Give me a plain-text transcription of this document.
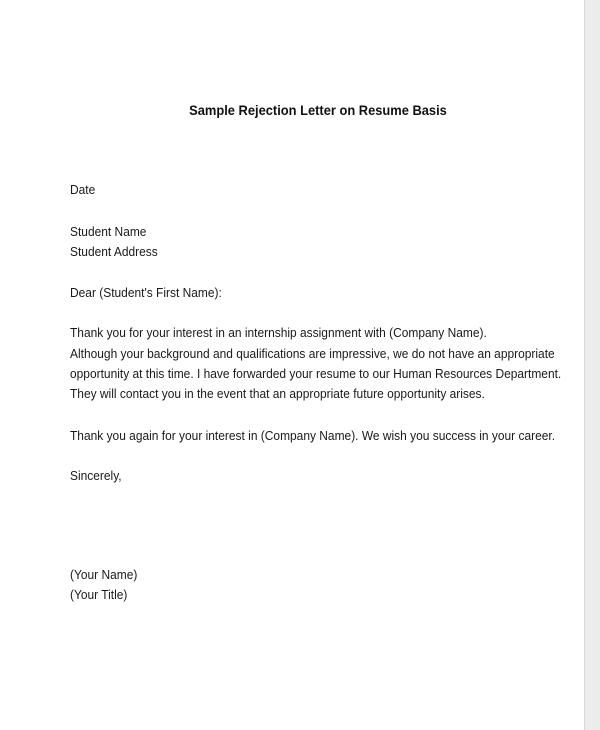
Sample Rejection Letter on Resume Basis
Date
Student Name
Student Address
Dear (Student's First Name):
Thank you for your interest in an internship assignment with (Company Name).
Although your background and qualifications are impressive, we do not have an appropriate
opportunity at this time. I have forwarded your resume to our Human Resources Department.
They will contact you in the event that an appropriate future opportunity arises.
Thank you again for your interest in (Company Name). We wish you success in your career.
Sincerely,
(Your Name)
(Your Title)
